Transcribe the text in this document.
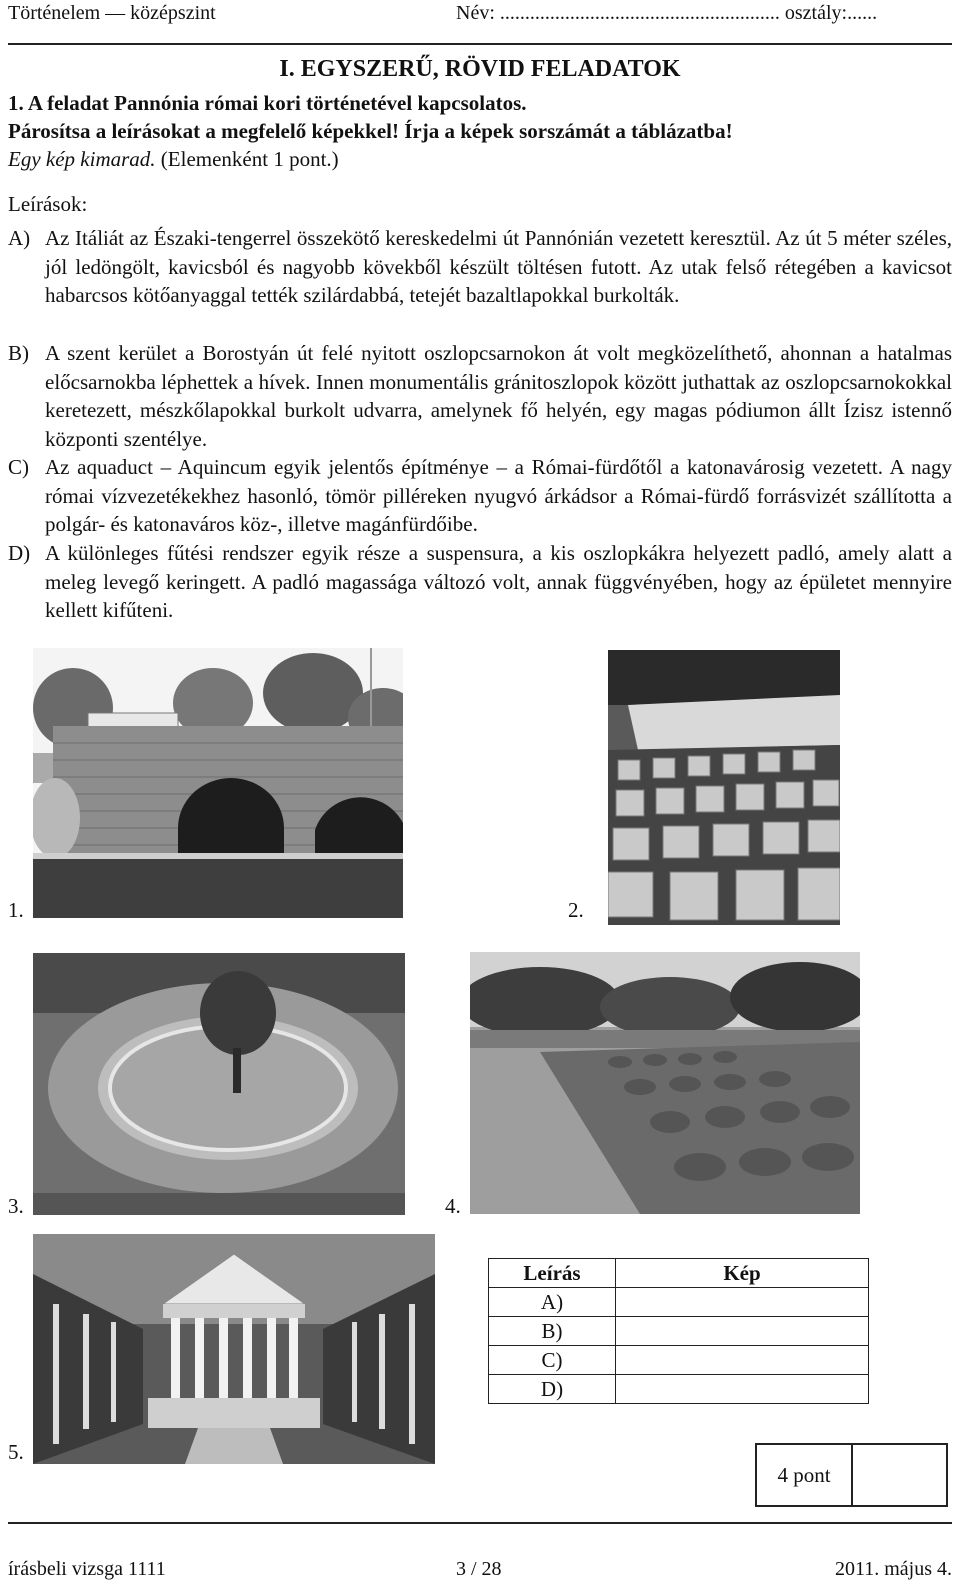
Történelem — középszint	Név: ........................................................ osztály:......
I. EGYSZERŰ, RÖVID FELADATOK
1. A feladat Pannónia római kori történetével kapcsolatos.
Párosítsa a leírásokat a megfelelő képekkel! Írja a képek sorszámát a táblázatba!
Egy kép kimarad. (Elemenként 1 pont.)
Leírások:
A) Az Itáliát az Északi-tengerrel összekötő kereskedelmi út Pannónián vezetett keresztül. Az út 5 méter széles, jól ledöngölt, kavicsból és nagyobb kövekből készült töltésen futott. Az utak felső rétegében a kavicsot habarcsos kötőanyaggal tették szilárdabbá, tetejét bazaltlapokkal burkolták.
B) A szent kerület a Borostyán út felé nyitott oszlopcsarnokon át volt megközelíthető, ahonnan a hatalmas előcsarnokba léphettek a hívek. Innen monumentális gránitoszlopok között juthattak az oszlopcsarnokokkal keretezett, mészkőlapokkal burkolt udvarra, amelynek fő helyén, egy magas pódiumon állt Ízisz istennő központi szentélye.
C) Az aquaduct – Aquincum egyik jelentős építménye – a Római-fürdőtől a katonavárosig vezetett. A nagy római vízvezetékekhez hasonló, tömör pilléreken nyugvó árkádsor a Római-fürdő forrásvizét szállította a polgár- és katonaváros köz-, illetve magánfürdőibe.
D) A különleges fűtési rendszer egyik része a suspensura, a kis oszlopkákra helyezett padló, amely alatt a meleg levegő keringett. A padló magassága változó volt, annak függvényében, hogy az épületet mennyire kellett kifűteni.
1.	2.
3.	4.
5.
Leírás	Kép
A)	
B)	
C)	
D)	
4 pont
írásbeli vizsga 1111	3 / 28	2011. május 4.
